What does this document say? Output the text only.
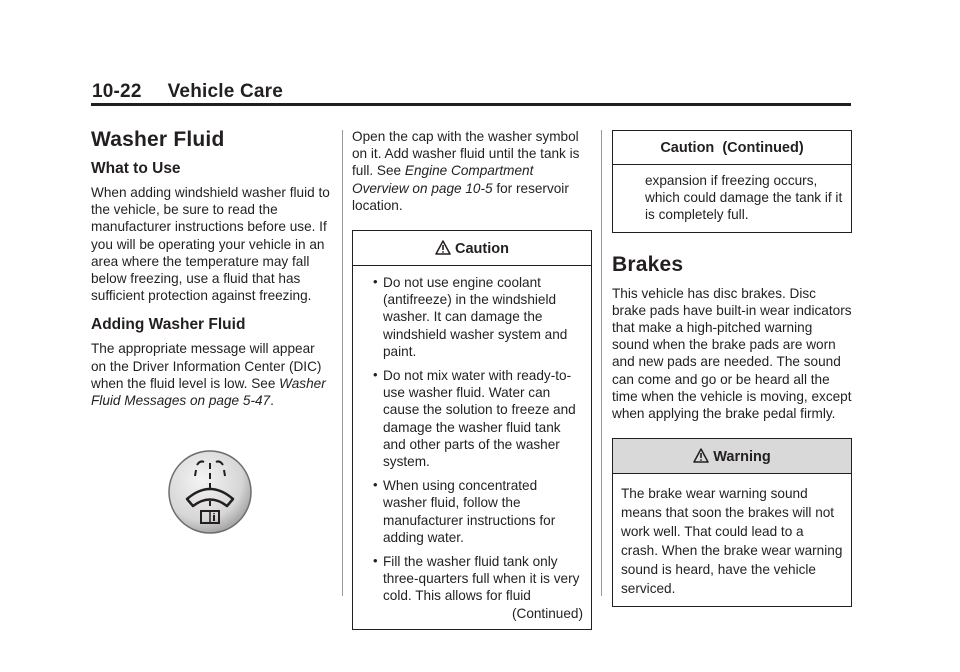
10-22 Vehicle Care
Washer Fluid
What to Use

When adding windshield washer fluid to the vehicle, be sure to read the manufacturer instructions before use. If you will be operating your vehicle in an area where the temperature may fall below freezing, use a fluid that has sufficient protection against freezing.

Adding Washer Fluid

The appropriate message will appear on the Driver Information Center (DIC) when the fluid level is low. See Washer Fluid Messages on page 5-47.

Open the cap with the washer symbol on it. Add washer fluid until the tank is full. See Engine Compartment Overview on page 10-5 for reservoir location.

Caution
• Do not use engine coolant (antifreeze) in the windshield washer. It can damage the windshield washer system and paint.
• Do not mix water with ready-to-use washer fluid. Water can cause the solution to freeze and damage the washer fluid tank and other parts of the washer system.
• When using concentrated washer fluid, follow the manufacturer instructions for adding water.
• Fill the washer fluid tank only three-quarters full when it is very cold. This allows for fluid
(Continued)
Caution  (Continued)
expansion if freezing occurs, which could damage the tank if it is completely full.
Brakes

This vehicle has disc brakes. Disc brake pads have built-in wear indicators that make a high-pitched warning sound when the brake pads are worn and new pads are needed. The sound can come and go or be heard all the time when the vehicle is moving, except when applying the brake pedal firmly.

Warning
The brake wear warning sound means that soon the brakes will not work well. That could lead to a crash. When the brake wear warning sound is heard, have the vehicle serviced.
